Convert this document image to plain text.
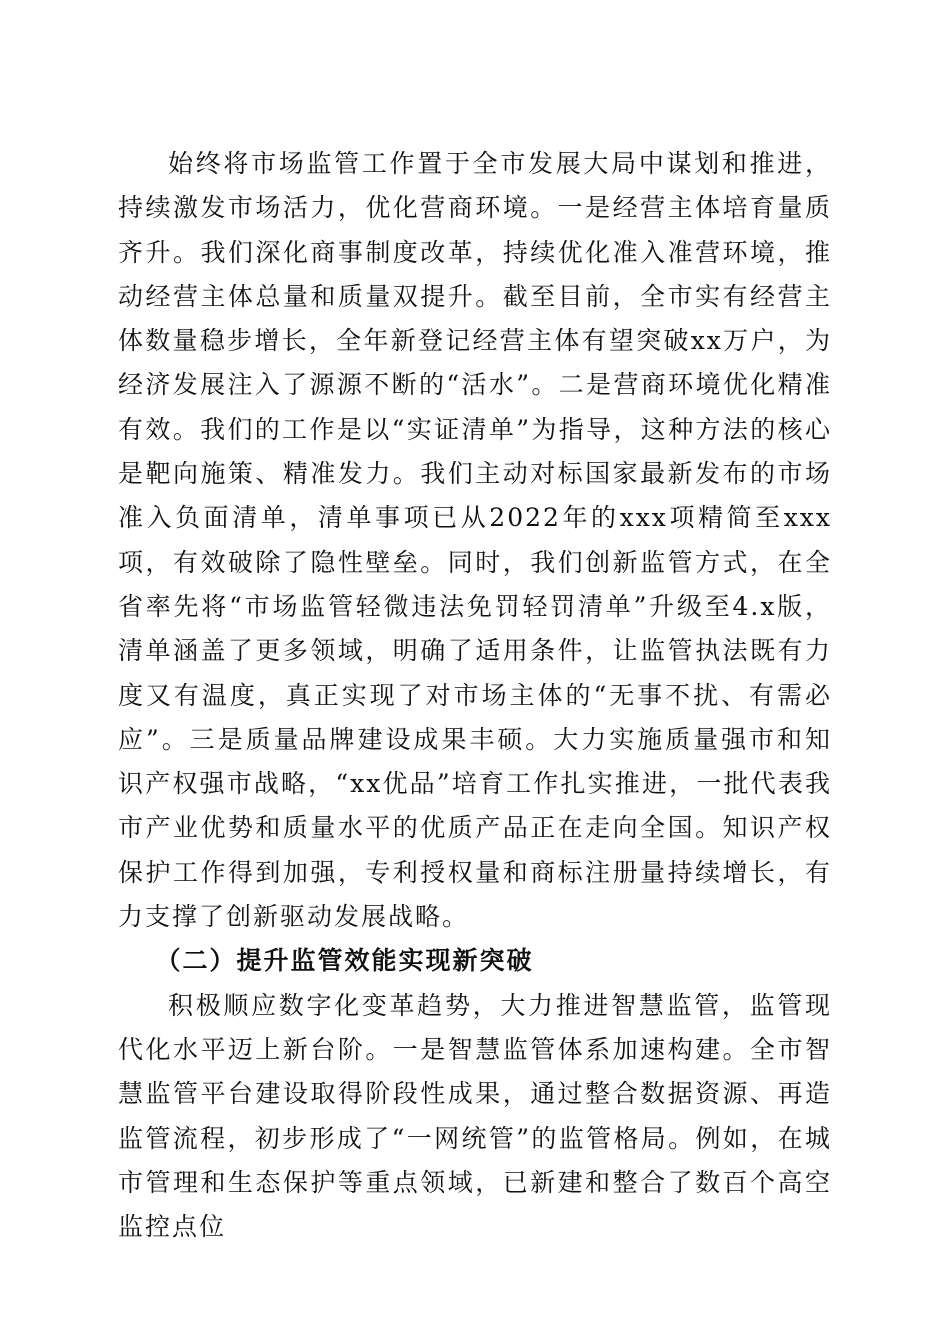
始终将市场监管工作置于全市发展大局中谋划和推进，持续激发市场活力，优化营商环境。一是经营主体培育量质齐升。我们深化商事制度改革，持续优化准入准营环境，推动经营主体总量和质量双提升。截至目前，全市实有经营主体数量稳步增长，全年新登记经营主体有望突破xx万户，为经济发展注入了源源不断的“活水”。二是营商环境优化精准有效。我们的工作是以“实证清单”为指导，这种方法的核心是靶向施策、精准发力。我们主动对标国家最新发布的市场准入负面清单，清单事项已从2022年的xxx项精简至xxx项，有效破除了隐性壁垒。同时，我们创新监管方式，在全省率先将“市场监管轻微违法免罚轻罚清单”升级至4.x版，清单涵盖了更多领域，明确了适用条件，让监管执法既有力度又有温度，真正实现了对市场主体的“无事不扰、有需必应”。三是质量品牌建设成果丰硕。大力实施质量强市和知识产权强市战略，“xx优品”培育工作扎实推进，一批代表我市产业优势和质量水平的优质产品正在走向全国。知识产权保护工作得到加强，专利授权量和商标注册量持续增长，有力支撑了创新驱动发展战略。

（二）提升监管效能实现新突破

积极顺应数字化变革趋势，大力推进智慧监管，监管现代化水平迈上新台阶。一是智慧监管体系加速构建。全市智慧监管平台建设取得阶段性成果，通过整合数据资源、再造监管流程，初步形成了“一网统管”的监管格局。例如，在城市管理和生态保护等重点领域，已新建和整合了数百个高空监控点位
